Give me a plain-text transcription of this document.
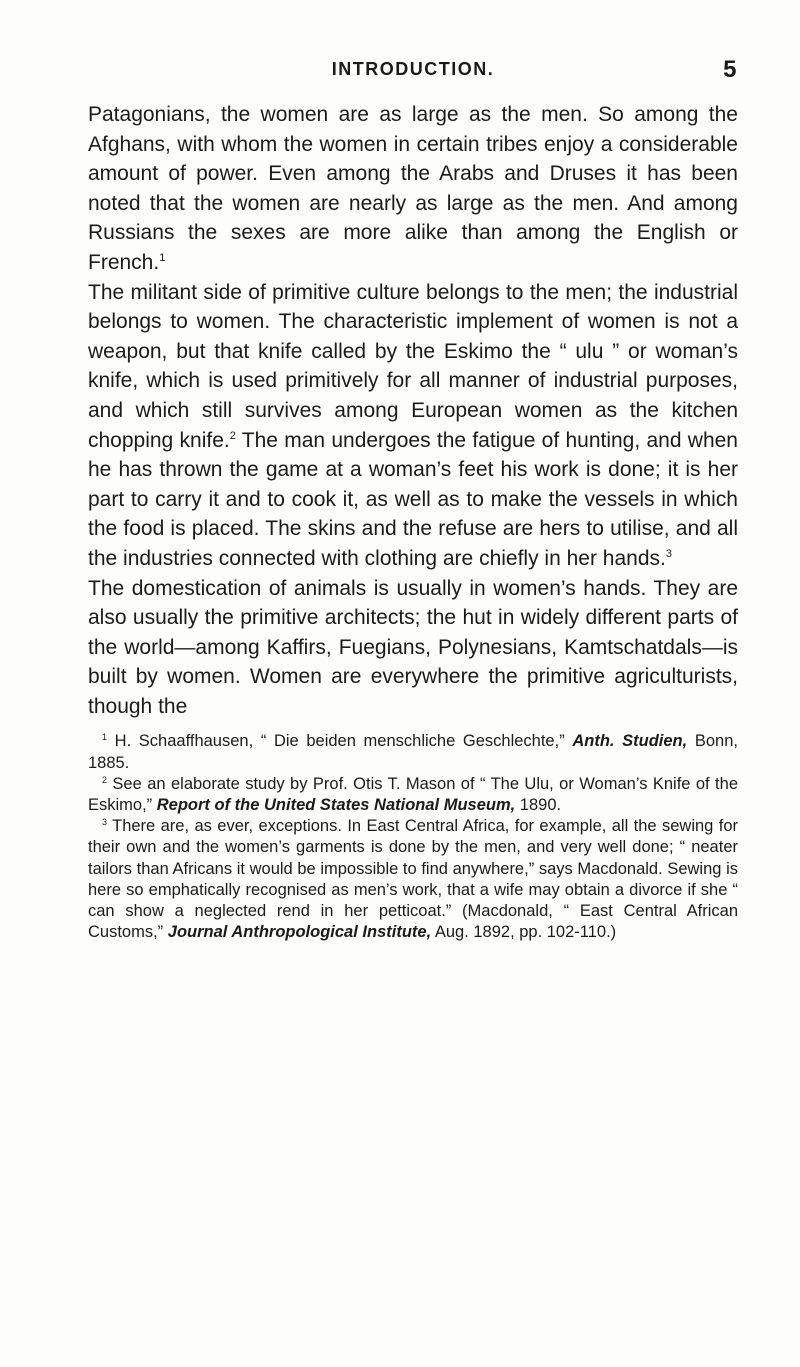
INTRODUCTION.	5

Patagonians, the women are as large as the men. So among the Afghans, with whom the women in certain tribes enjoy a considerable amount of power. Even among the Arabs and Druses it has been noted that the women are nearly as large as the men. And among Russians the sexes are more alike than among the English or French.$^1$

The militant side of primitive culture belongs to the men; the industrial belongs to women. The characteristic implement of women is not a weapon, but that knife called by the Eskimo the “ ulu ” or woman’s knife, which is used primitively for all manner of industrial purposes, and which still survives among European women as the kitchen chopping knife.$^2$ The man undergoes the fatigue of hunting, and when he has thrown the game at a woman’s feet his work is done; it is her part to carry it and to cook it, as well as to make the vessels in which the food is placed. The skins and the refuse are hers to utilise, and all the industries connected with clothing are chiefly in her hands.$^3$

The domestication of animals is usually in women’s hands. They are also usually the primitive architects; the hut in widely different parts of the world—among Kaffirs, Fuegians, Polynesians, Kamtschatdals—is built by women. Women are everywhere the primitive agriculturists, though the

$^1$ H. Schaaffhausen, “ Die beiden menschliche Geschlechte,” Anth. Studien, Bonn, 1885.

$^2$ See an elaborate study by Prof. Otis T. Mason of “ The Ulu, or Woman’s Knife of the Eskimo,” Report of the United States National Museum, 1890.

$^3$ There are, as ever, exceptions. In East Central Africa, for example, all the sewing for their own and the women’s garments is done by the men, and very well done; “ neater tailors than Africans it would be impossible to find anywhere,” says Macdonald. Sewing is here so emphatically recognised as men’s work, that a wife may obtain a divorce if she “ can show a neglected rend in her petticoat.” (Macdonald, “ East Central African Customs,” Journal Anthropological Institute, Aug. 1892, pp. 102-110.)
